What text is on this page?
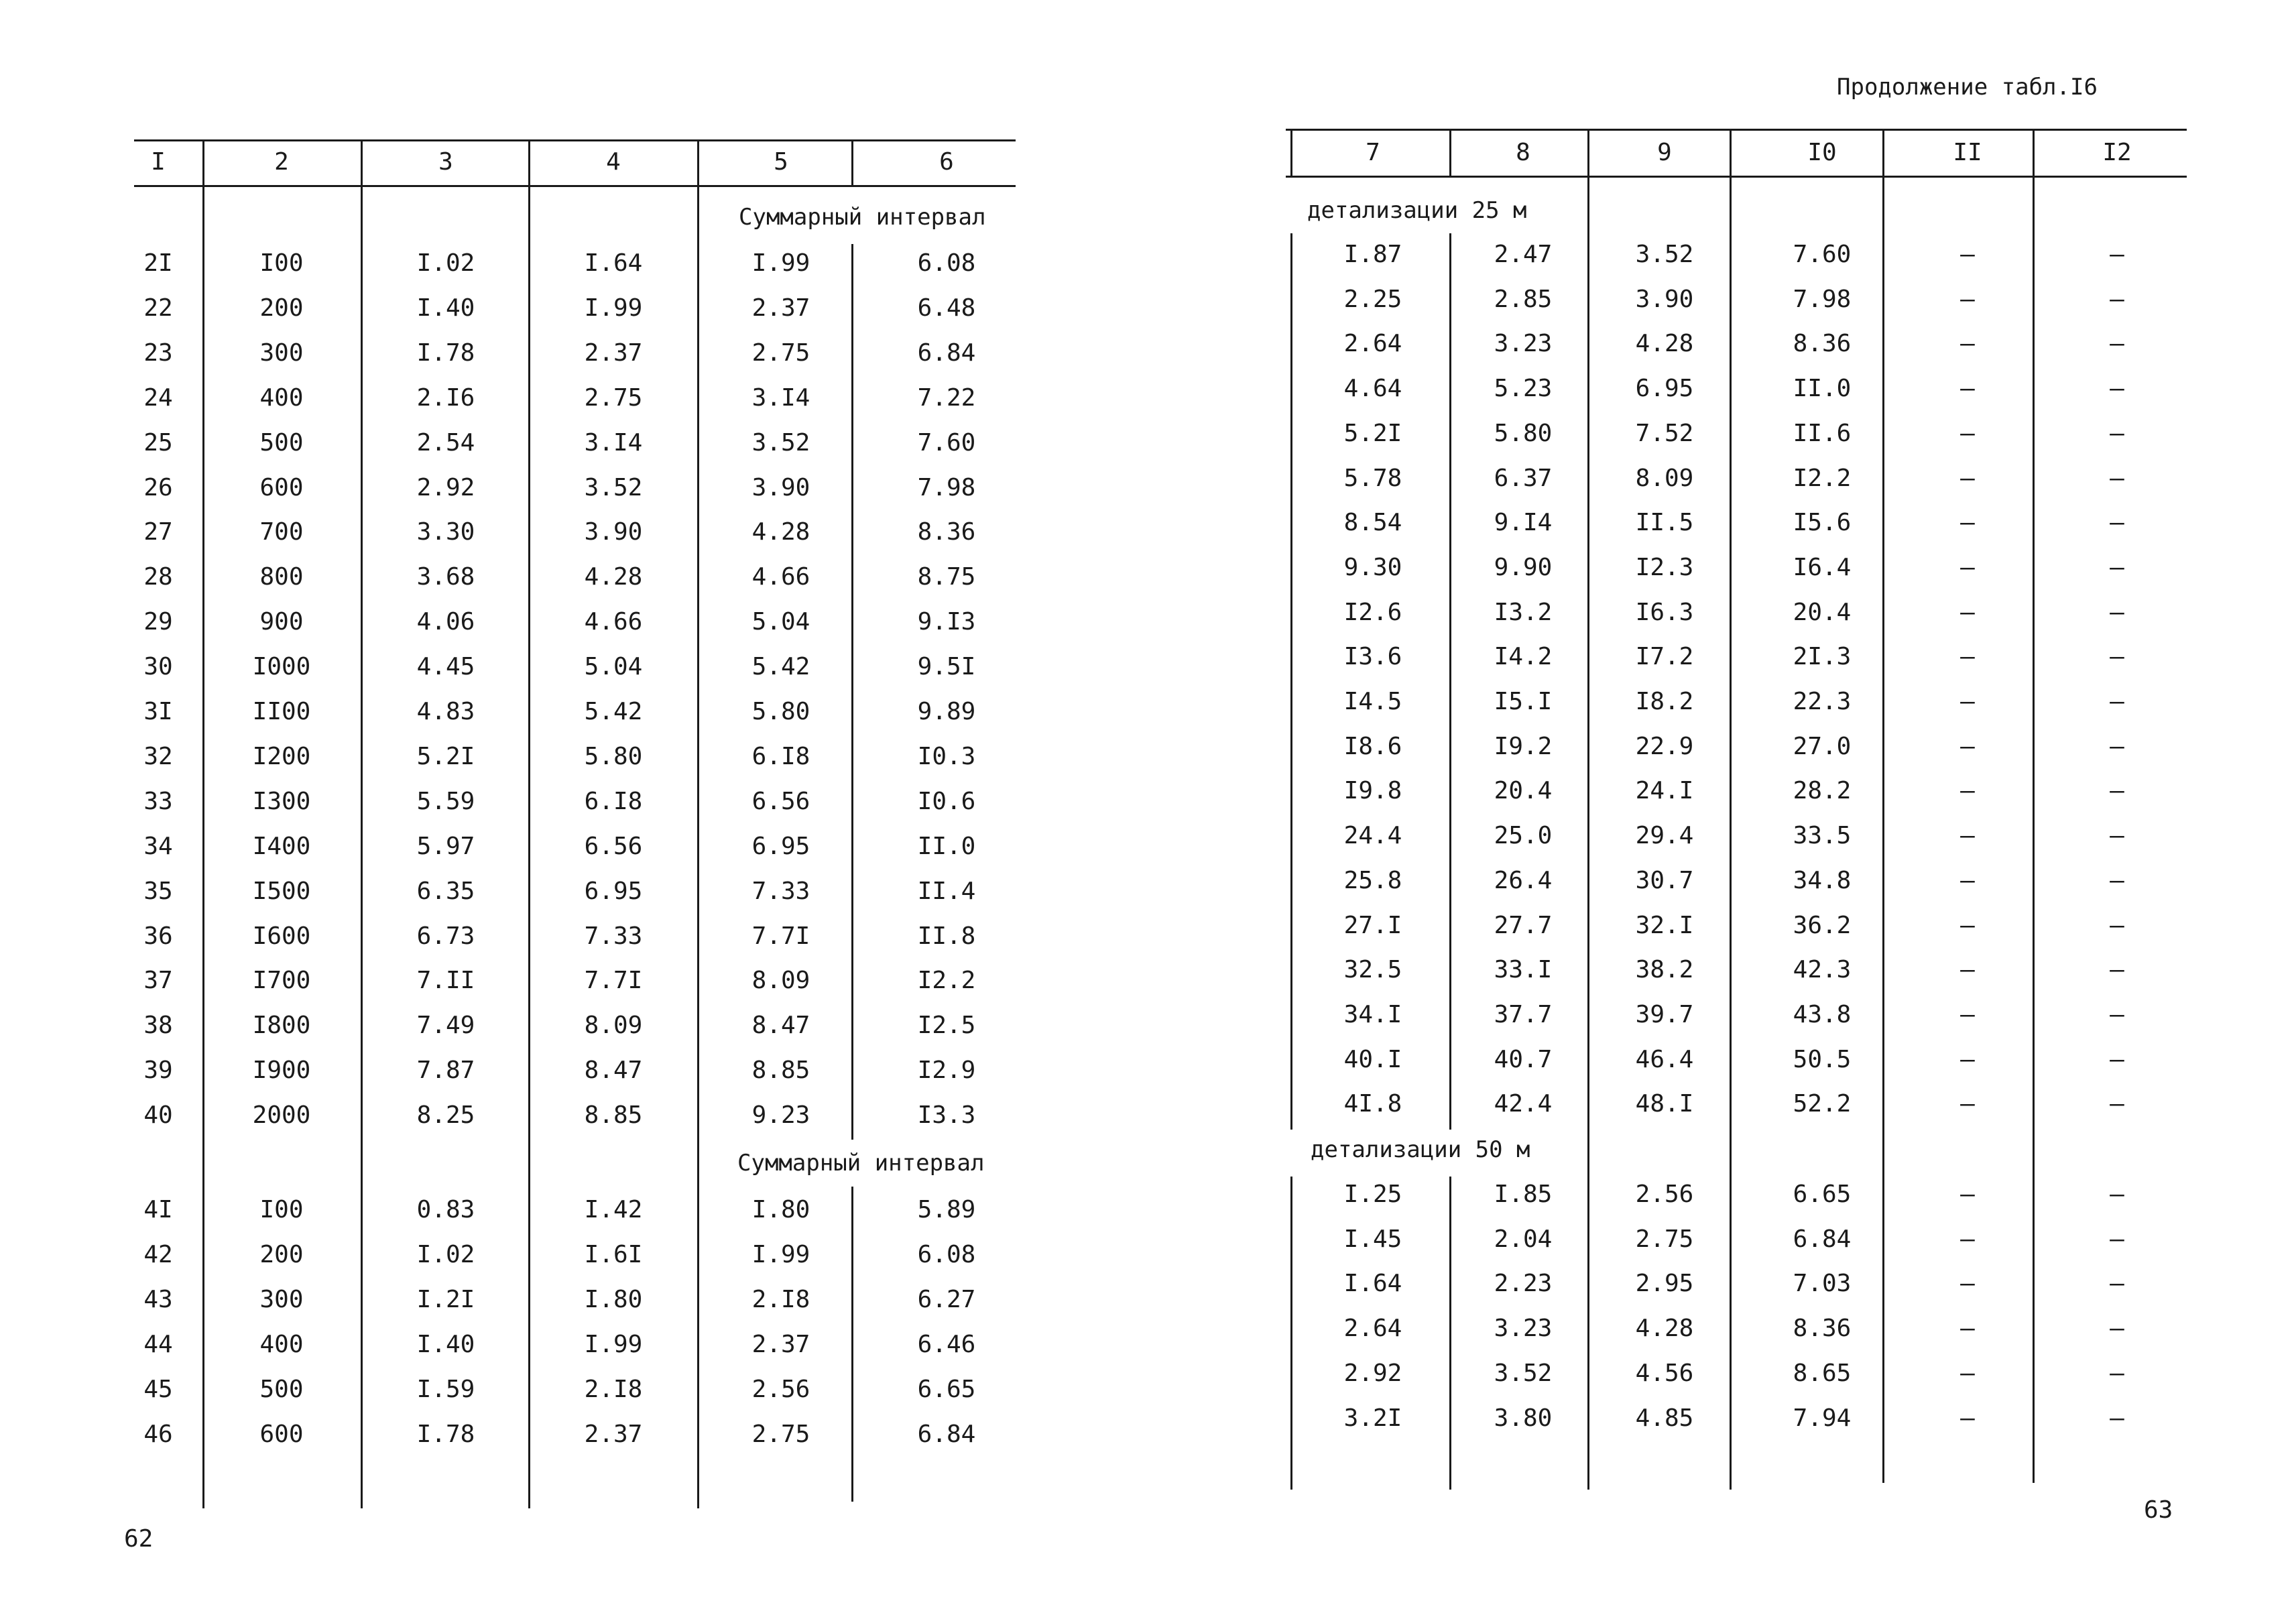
Продолжение табл.I6
62
63
I	2	3	4	5	6
Суммарный интервал
2I	I00	I.02	I.64	I.99	6.08
22	200	I.40	I.99	2.37	6.48
23	300	I.78	2.37	2.75	6.84
24	400	2.I6	2.75	3.I4	7.22
25	500	2.54	3.I4	3.52	7.60
26	600	2.92	3.52	3.90	7.98
27	700	3.30	3.90	4.28	8.36
28	800	3.68	4.28	4.66	8.75
29	900	4.06	4.66	5.04	9.I3
30	I000	4.45	5.04	5.42	9.5I
3I	II00	4.83	5.42	5.80	9.89
32	I200	5.2I	5.80	6.I8	I0.3
33	I300	5.59	6.I8	6.56	I0.6
34	I400	5.97	6.56	6.95	II.0
35	I500	6.35	6.95	7.33	II.4
36	I600	6.73	7.33	7.7I	II.8
37	I700	7.II	7.7I	8.09	I2.2
38	I800	7.49	8.09	8.47	I2.5
39	I900	7.87	8.47	8.85	I2.9
40	2000	8.25	8.85	9.23	I3.3
Суммарный интервал
4I	I00	0.83	I.42	I.80	5.89
42	200	I.02	I.6I	I.99	6.08
43	300	I.2I	I.80	2.I8	6.27
44	400	I.40	I.99	2.37	6.46
45	500	I.59	2.I8	2.56	6.65
46	600	I.78	2.37	2.75	6.84
7	8	9	I0	II	I2
детализации 25 м
I.87	2.47	3.52	7.60	–	–
2.25	2.85	3.90	7.98	–	–
2.64	3.23	4.28	8.36	–	–
4.64	5.23	6.95	II.0	–	–
5.2I	5.80	7.52	II.6	–	–
5.78	6.37	8.09	I2.2	–	–
8.54	9.I4	II.5	I5.6	–	–
9.30	9.90	I2.3	I6.4	–	–
I2.6	I3.2	I6.3	20.4	–	–
I3.6	I4.2	I7.2	2I.3	–	–
I4.5	I5.I	I8.2	22.3	–	–
I8.6	I9.2	22.9	27.0	–	–
I9.8	20.4	24.I	28.2	–	–
24.4	25.0	29.4	33.5	–	–
25.8	26.4	30.7	34.8	–	–
27.I	27.7	32.I	36.2	–	–
32.5	33.I	38.2	42.3	–	–
34.I	37.7	39.7	43.8	–	–
40.I	40.7	46.4	50.5	–	–
4I.8	42.4	48.I	52.2	–	–
детализации 50 м
I.25	I.85	2.56	6.65	–	–
I.45	2.04	2.75	6.84	–	–
I.64	2.23	2.95	7.03	–	–
2.64	3.23	4.28	8.36	–	–
2.92	3.52	4.56	8.65	–	–
3.2I	3.80	4.85	7.94	–	–
